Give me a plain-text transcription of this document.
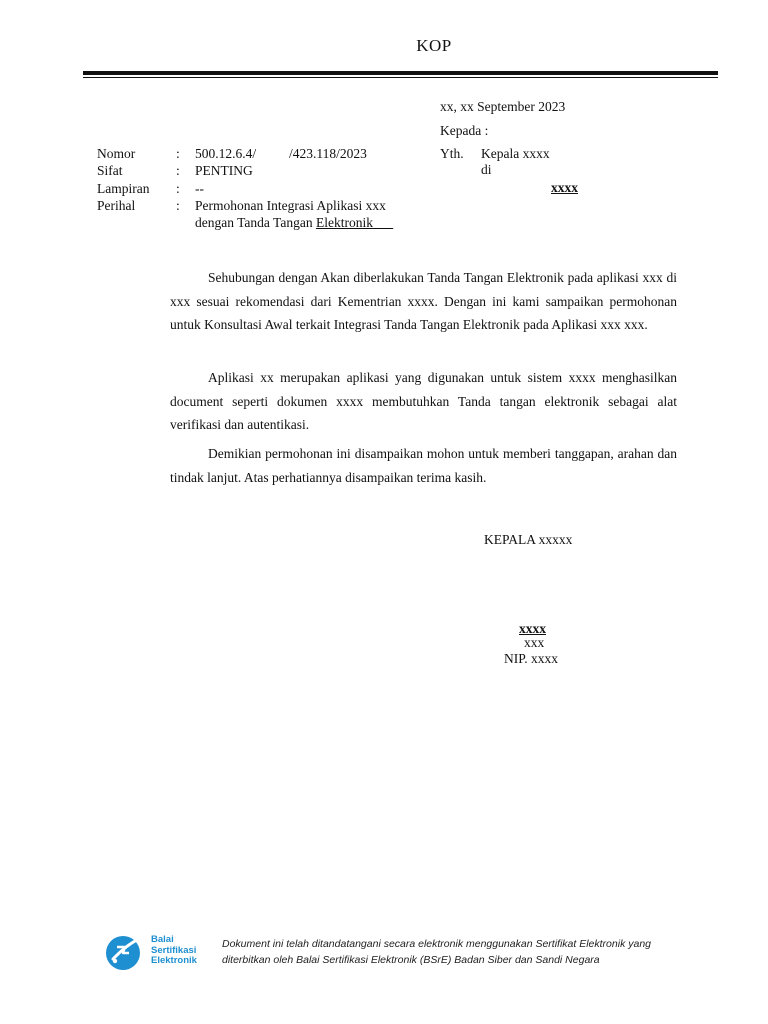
KOP
xx, xx September 2023
Kepada :
Yth. Kepala xxxx
di
xxxx
Nomor	: 500.12.6.4/ /423.118/2023
Sifat	: PENTING
Lampiran : --
Perihal	: Permohonan Integrasi Aplikasi xxx
dengan Tanda Tangan Elektronik

Sehubungan dengan Akan diberlakukan Tanda Tangan Elektronik pada aplikasi xxx di xxx sesuai rekomendasi dari Kementrian xxxx. Dengan ini kami sampaikan permohonan untuk Konsultasi Awal terkait Integrasi Tanda Tangan Elektronik pada Aplikasi xxx xxx.

Aplikasi xx merupakan aplikasi yang digunakan untuk sistem xxxx menghasilkan document seperti dokumen xxxx membutuhkan Tanda tangan elektronik sebagai alat verifikasi dan autentikasi.

Demikian permohonan ini disampaikan mohon untuk memberi tanggapan, arahan dan tindak lanjut. Atas perhatiannya disampaikan terima kasih.

KEPALA xxxxx
xxxx
xxx
NIP. xxxx
Balai
Sertifikasi
Elektronik
Dokument ini telah ditandatangani secara elektronik menggunakan Sertifikat Elektronik yang
diterbitkan oleh Balai Sertifikasi Elektronik (BSrE) Badan Siber dan Sandi Negara
